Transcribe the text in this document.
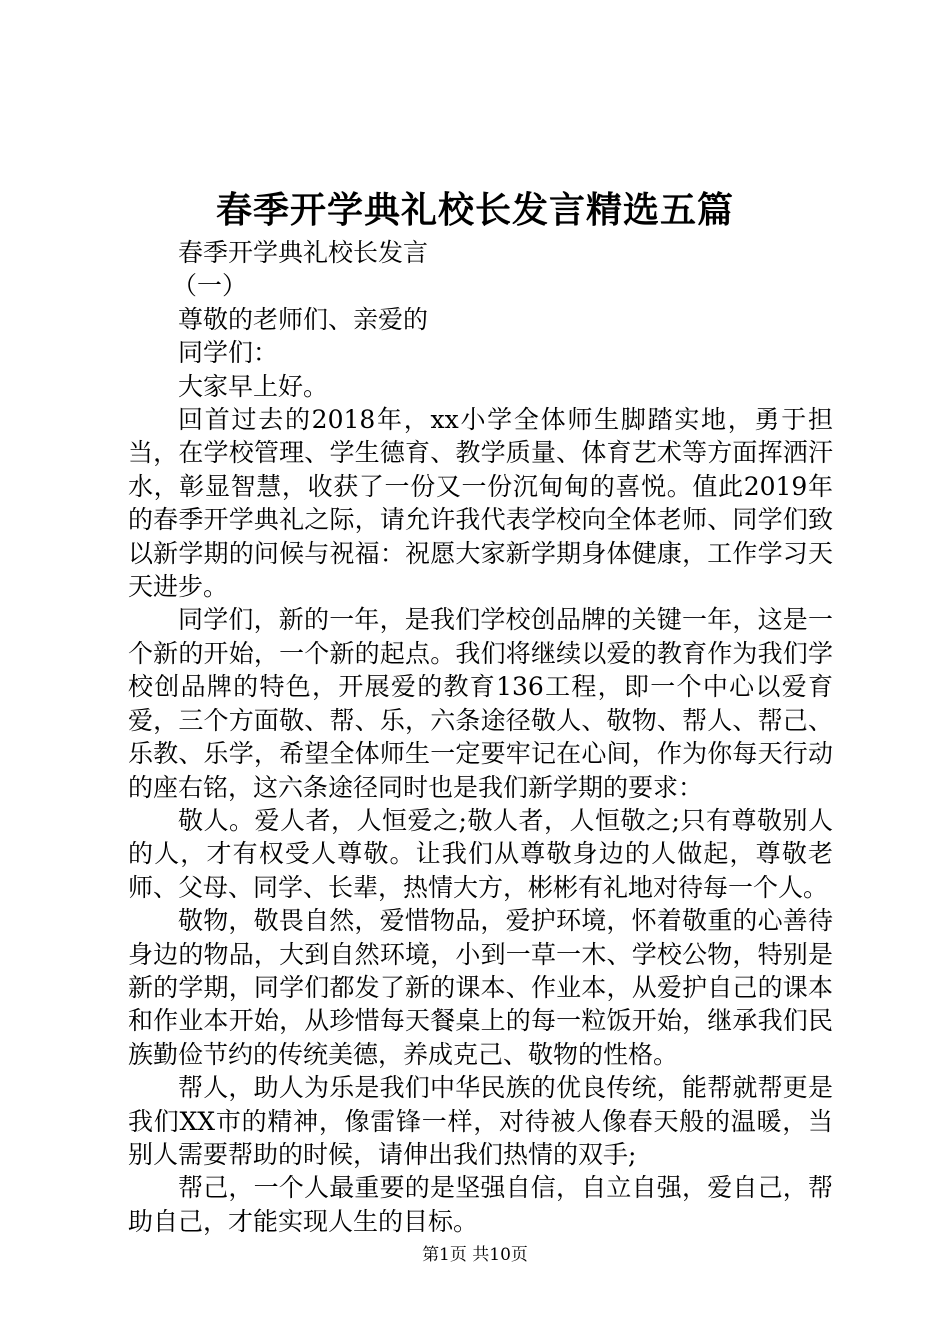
春季开学典礼校长发言精选五篇
春季开学典礼校长发言
（一）
尊敬的老师们、亲爱的
同学们：
大家早上好。
回首过去的2018年，xx小学全体师生脚踏实地，勇于担当，在学校管理、学生德育、教学质量、体育艺术等方面挥洒汗水，彰显智慧，收获了一份又一份沉甸甸的喜悦。值此2019年的春季开学典礼之际，请允许我代表学校向全体老师、同学们致以新学期的问候与祝福：祝愿大家新学期身体健康，工作学习天天进步。
同学们，新的一年，是我们学校创品牌的关键一年，这是一个新的开始，一个新的起点。我们将继续以爱的教育作为我们学校创品牌的特色，开展爱的教育136工程，即一个中心以爱育爱，三个方面敬、帮、乐，六条途径敬人、敬物、帮人、帮己、乐教、乐学，希望全体师生一定要牢记在心间，作为你每天行动的座右铭，这六条途径同时也是我们新学期的要求：
敬人。爱人者，人恒爱之;敬人者，人恒敬之;只有尊敬别人的人，才有权受人尊敬。让我们从尊敬身边的人做起，尊敬老师、父母、同学、长辈，热情大方，彬彬有礼地对待每一个人。
敬物，敬畏自然，爱惜物品，爱护环境，怀着敬重的心善待身边的物品，大到自然环境，小到一草一木、学校公物，特别是新的学期，同学们都发了新的课本、作业本，从爱护自己的课本和作业本开始，从珍惜每天餐桌上的每一粒饭开始，继承我们民族勤俭节约的传统美德，养成克己、敬物的性格。
帮人，助人为乐是我们中华民族的优良传统，能帮就帮更是我们XX市的精神，像雷锋一样，对待被人像春天般的温暖，当别人需要帮助的时候，请伸出我们热情的双手;
帮己，一个人最重要的是坚强自信，自立自强，爱自己，帮助自己，才能实现人生的目标。
第1页 共10页
